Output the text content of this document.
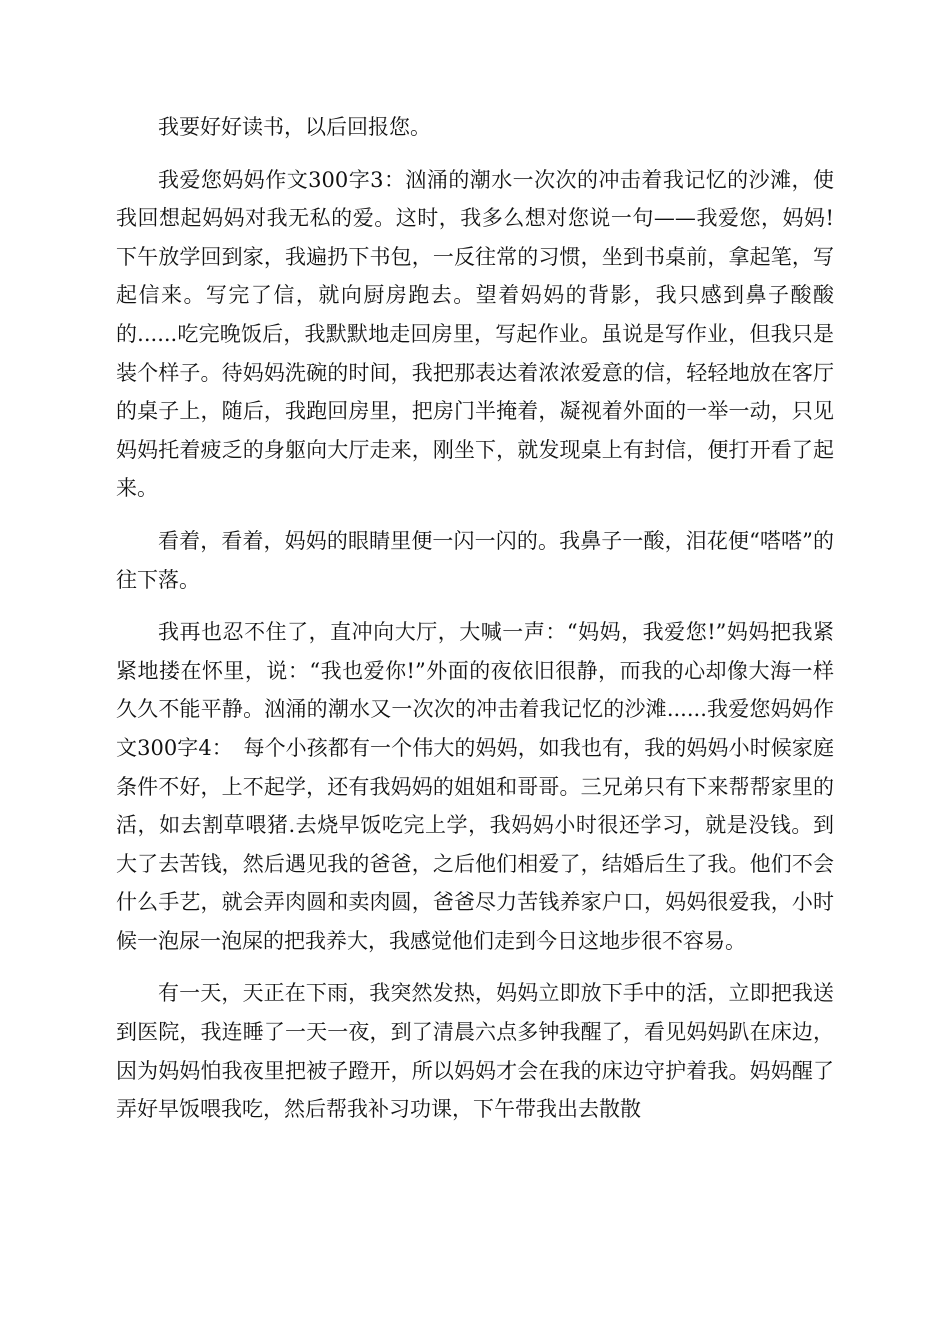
我要好好读书，以后回报您。

我爱您妈妈作文300字3：汹涌的潮水一次次的冲击着我记忆的沙滩，使我回想起妈妈对我无私的爱。这时，我多么想对您说一句——我爱您，妈妈!下午放学回到家，我遍扔下书包，一反往常的习惯，坐到书桌前，拿起笔，写起信来。写完了信，就向厨房跑去。望着妈妈的背影，我只感到鼻子酸酸的......吃完晚饭后，我默默地走回房里，写起作业。虽说是写作业，但我只是装个样子。待妈妈洗碗的时间，我把那表达着浓浓爱意的信，轻轻地放在客厅的桌子上，随后，我跑回房里，把房门半掩着，凝视着外面的一举一动，只见妈妈托着疲乏的身躯向大厅走来，刚坐下，就发现桌上有封信，便打开看了起来。

看着，看着，妈妈的眼睛里便一闪一闪的。我鼻子一酸，泪花便“嗒嗒”的往下落。

我再也忍不住了，直冲向大厅，大喊一声：“妈妈，我爱您!”妈妈把我紧紧地搂在怀里，说：“我也爱你!”外面的夜依旧很静，而我的心却像大海一样久久不能平静。汹涌的潮水又一次次的冲击着我记忆的沙滩......我爱您妈妈作文300字4：　每个小孩都有一个伟大的妈妈，如我也有，我的妈妈小时候家庭条件不好，上不起学，还有我妈妈的姐姐和哥哥。三兄弟只有下来帮帮家里的活，如去割草喂猪.去烧早饭吃完上学，我妈妈小时很还学习，就是没钱。到大了去苦钱，然后遇见我的爸爸，之后他们相爱了，结婚后生了我。他们不会什么手艺，就会弄肉圆和卖肉圆，爸爸尽力苦钱养家户口，妈妈很爱我，小时候一泡尿一泡屎的把我养大，我感觉他们走到今日这地步很不容易。

有一天，天正在下雨，我突然发热，妈妈立即放下手中的活，立即把我送到医院，我连睡了一天一夜，到了清晨六点多钟我醒了，看见妈妈趴在床边，因为妈妈怕我夜里把被子蹬开，所以妈妈才会在我的床边守护着我。妈妈醒了弄好早饭喂我吃，然后帮我补习功课，下午带我出去散散
